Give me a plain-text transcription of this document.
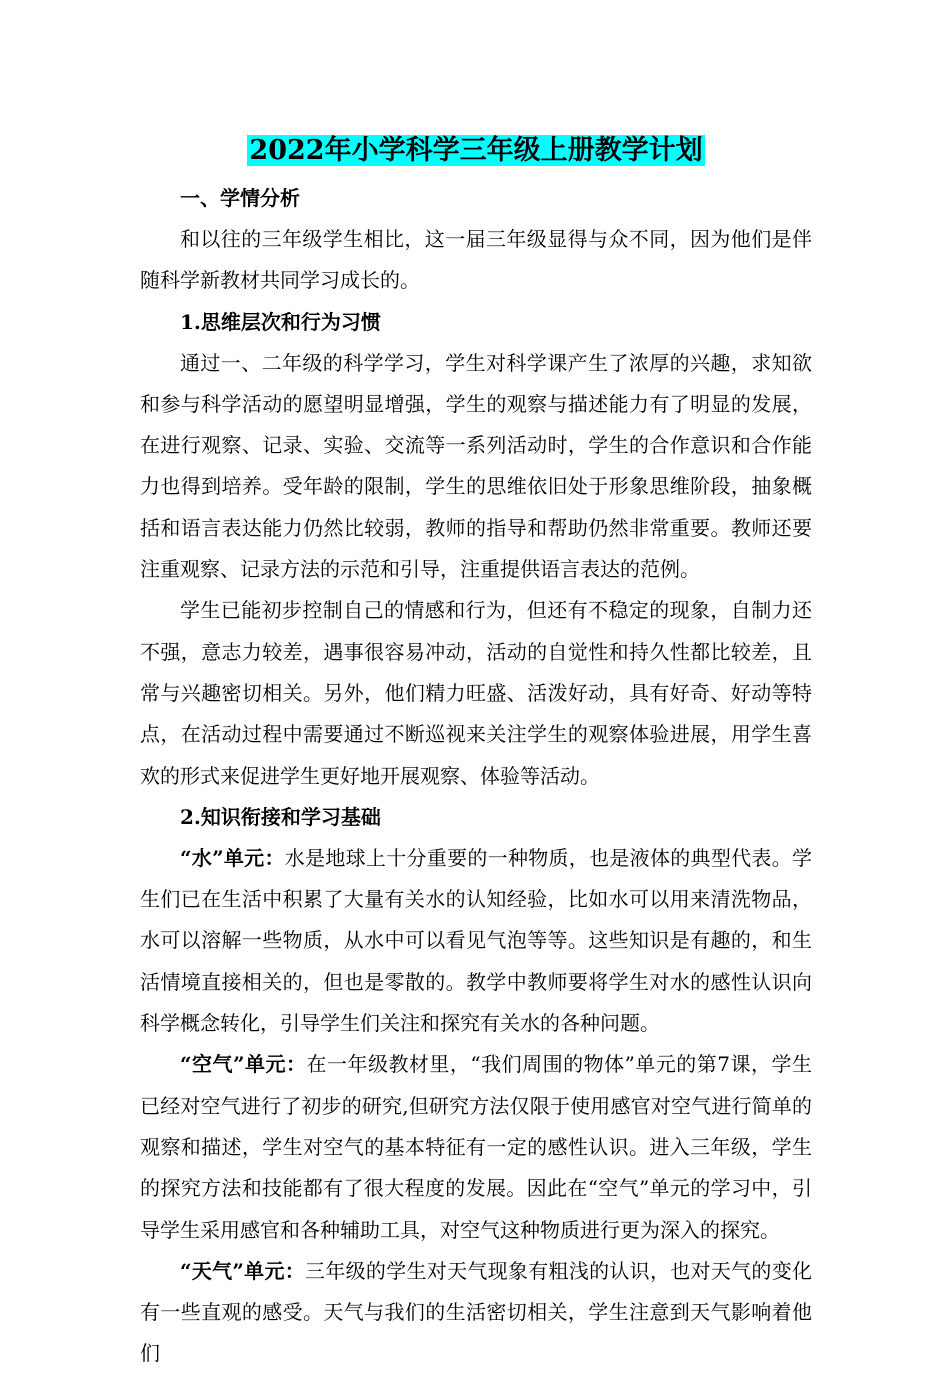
2022年小学科学三年级上册教学计划

一、学情分析

和以往的三年级学生相比，这一届三年级显得与众不同，因为他们是伴随科学新教材共同学习成长的。

1.思维层次和行为习惯

通过一、二年级的科学学习，学生对科学课产生了浓厚的兴趣，求知欲和参与科学活动的愿望明显增强，学生的观察与描述能力有了明显的发展，在进行观察、记录、实验、交流等一系列活动时，学生的合作意识和合作能力也得到培养。受年龄的限制，学生的思维依旧处于形象思维阶段，抽象概括和语言表达能力仍然比较弱，教师的指导和帮助仍然非常重要。教师还要注重观察、记录方法的示范和引导，注重提供语言表达的范例。

学生已能初步控制自己的情感和行为，但还有不稳定的现象，自制力还不强，意志力较差，遇事很容易冲动，活动的自觉性和持久性都比较差，且常与兴趣密切相关。另外，他们精力旺盛、活泼好动，具有好奇、好动等特点，在活动过程中需要通过不断巡视来关注学生的观察体验进展，用学生喜欢的形式来促进学生更好地开展观察、体验等活动。

2.知识衔接和学习基础

“水”单元：水是地球上十分重要的一种物质，也是液体的典型代表。学生们已在生活中积累了大量有关水的认知经验，比如水可以用来清洗物品，水可以溶解一些物质，从水中可以看见气泡等等。这些知识是有趣的，和生活情境直接相关的，但也是零散的。教学中教师要将学生对水的感性认识向科学概念转化，引导学生们关注和探究有关水的各种问题。

“空气”单元：在一年级教材里，“我们周围的物体”单元的第7课，学生已经对空气进行了初步的研究,但研究方法仅限于使用感官对空气进行简单的观察和描述，学生对空气的基本特征有一定的感性认识。进入三年级，学生的探究方法和技能都有了很大程度的发展。因此在“空气”单元的学习中，引导学生采用感官和各种辅助工具，对空气这种物质进行更为深入的探究。

“天气”单元：三年级的学生对天气现象有粗浅的认识，也对天气的变化有一些直观的感受。天气与我们的生活密切相关，学生注意到天气影响着他们
